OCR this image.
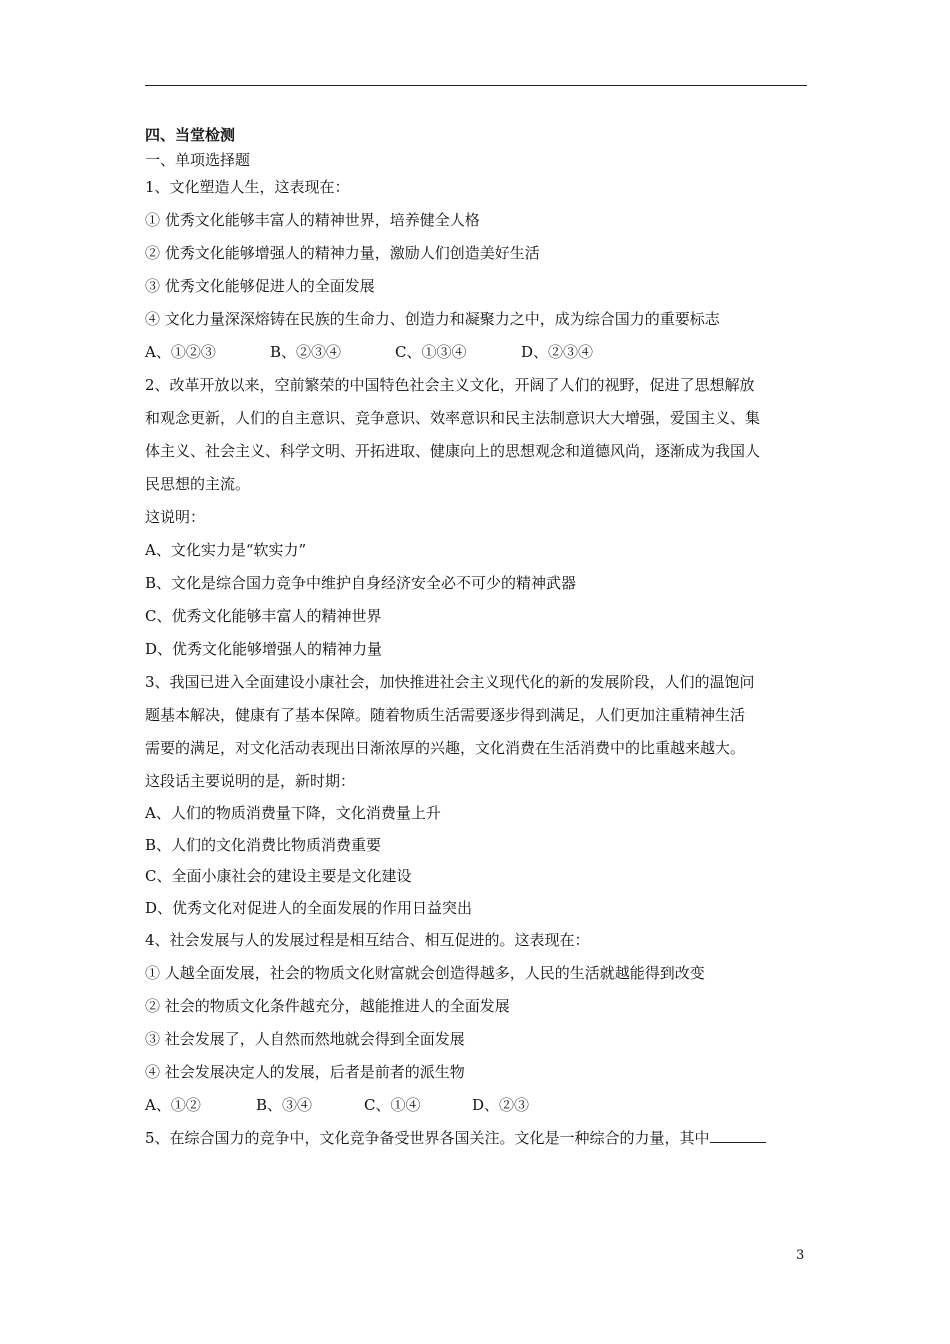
四、当堂检测
一、单项选择题
1、文化塑造人生，这表现在：
① 优秀文化能够丰富人的精神世界，培养健全人格
② 优秀文化能够增强人的精神力量，激励人们创造美好生活
③ 优秀文化能够促进人的全面发展
④ 文化力量深深熔铸在民族的生命力、创造力和凝聚力之中，成为综合国力的重要标志
A、①②③	B、②③④	C、①③④	D、②③④
2、改革开放以来，空前繁荣的中国特色社会主义文化，开阔了人们的视野，促进了思想解放
和观念更新，人们的自主意识、竞争意识、效率意识和民主法制意识大大增强，爱国主义、集
体主义、社会主义、科学文明、开拓进取、健康向上的思想观念和道德风尚，逐渐成为我国人
民思想的主流。
这说明：
A、文化实力是“软实力”
B、文化是综合国力竞争中维护自身经济安全必不可少的精神武器
C、优秀文化能够丰富人的精神世界
D、优秀文化能够增强人的精神力量
3、我国已进入全面建设小康社会，加快推进社会主义现代化的新的发展阶段，人们的温饱问
题基本解决，健康有了基本保障。随着物质生活需要逐步得到满足，人们更加注重精神生活
需要的满足，对文化活动表现出日渐浓厚的兴趣，文化消费在生活消费中的比重越来越大。
这段话主要说明的是，新时期：
A、人们的物质消费量下降，文化消费量上升
B、人们的文化消费比物质消费重要
C、全面小康社会的建设主要是文化建设
D、优秀文化对促进人的全面发展的作用日益突出
4、社会发展与人的发展过程是相互结合、相互促进的。这表现在：
① 人越全面发展，社会的物质文化财富就会创造得越多，人民的生活就越能得到改变
② 社会的物质文化条件越充分，越能推进人的全面发展
③ 社会发展了，人自然而然地就会得到全面发展
④ 社会发展决定人的发展，后者是前者的派生物
A、①②	B、③④	C、①④	D、②③
5、在综合国力的竞争中，文化竞争备受世界各国关注。文化是一种综合的力量，其中
3
